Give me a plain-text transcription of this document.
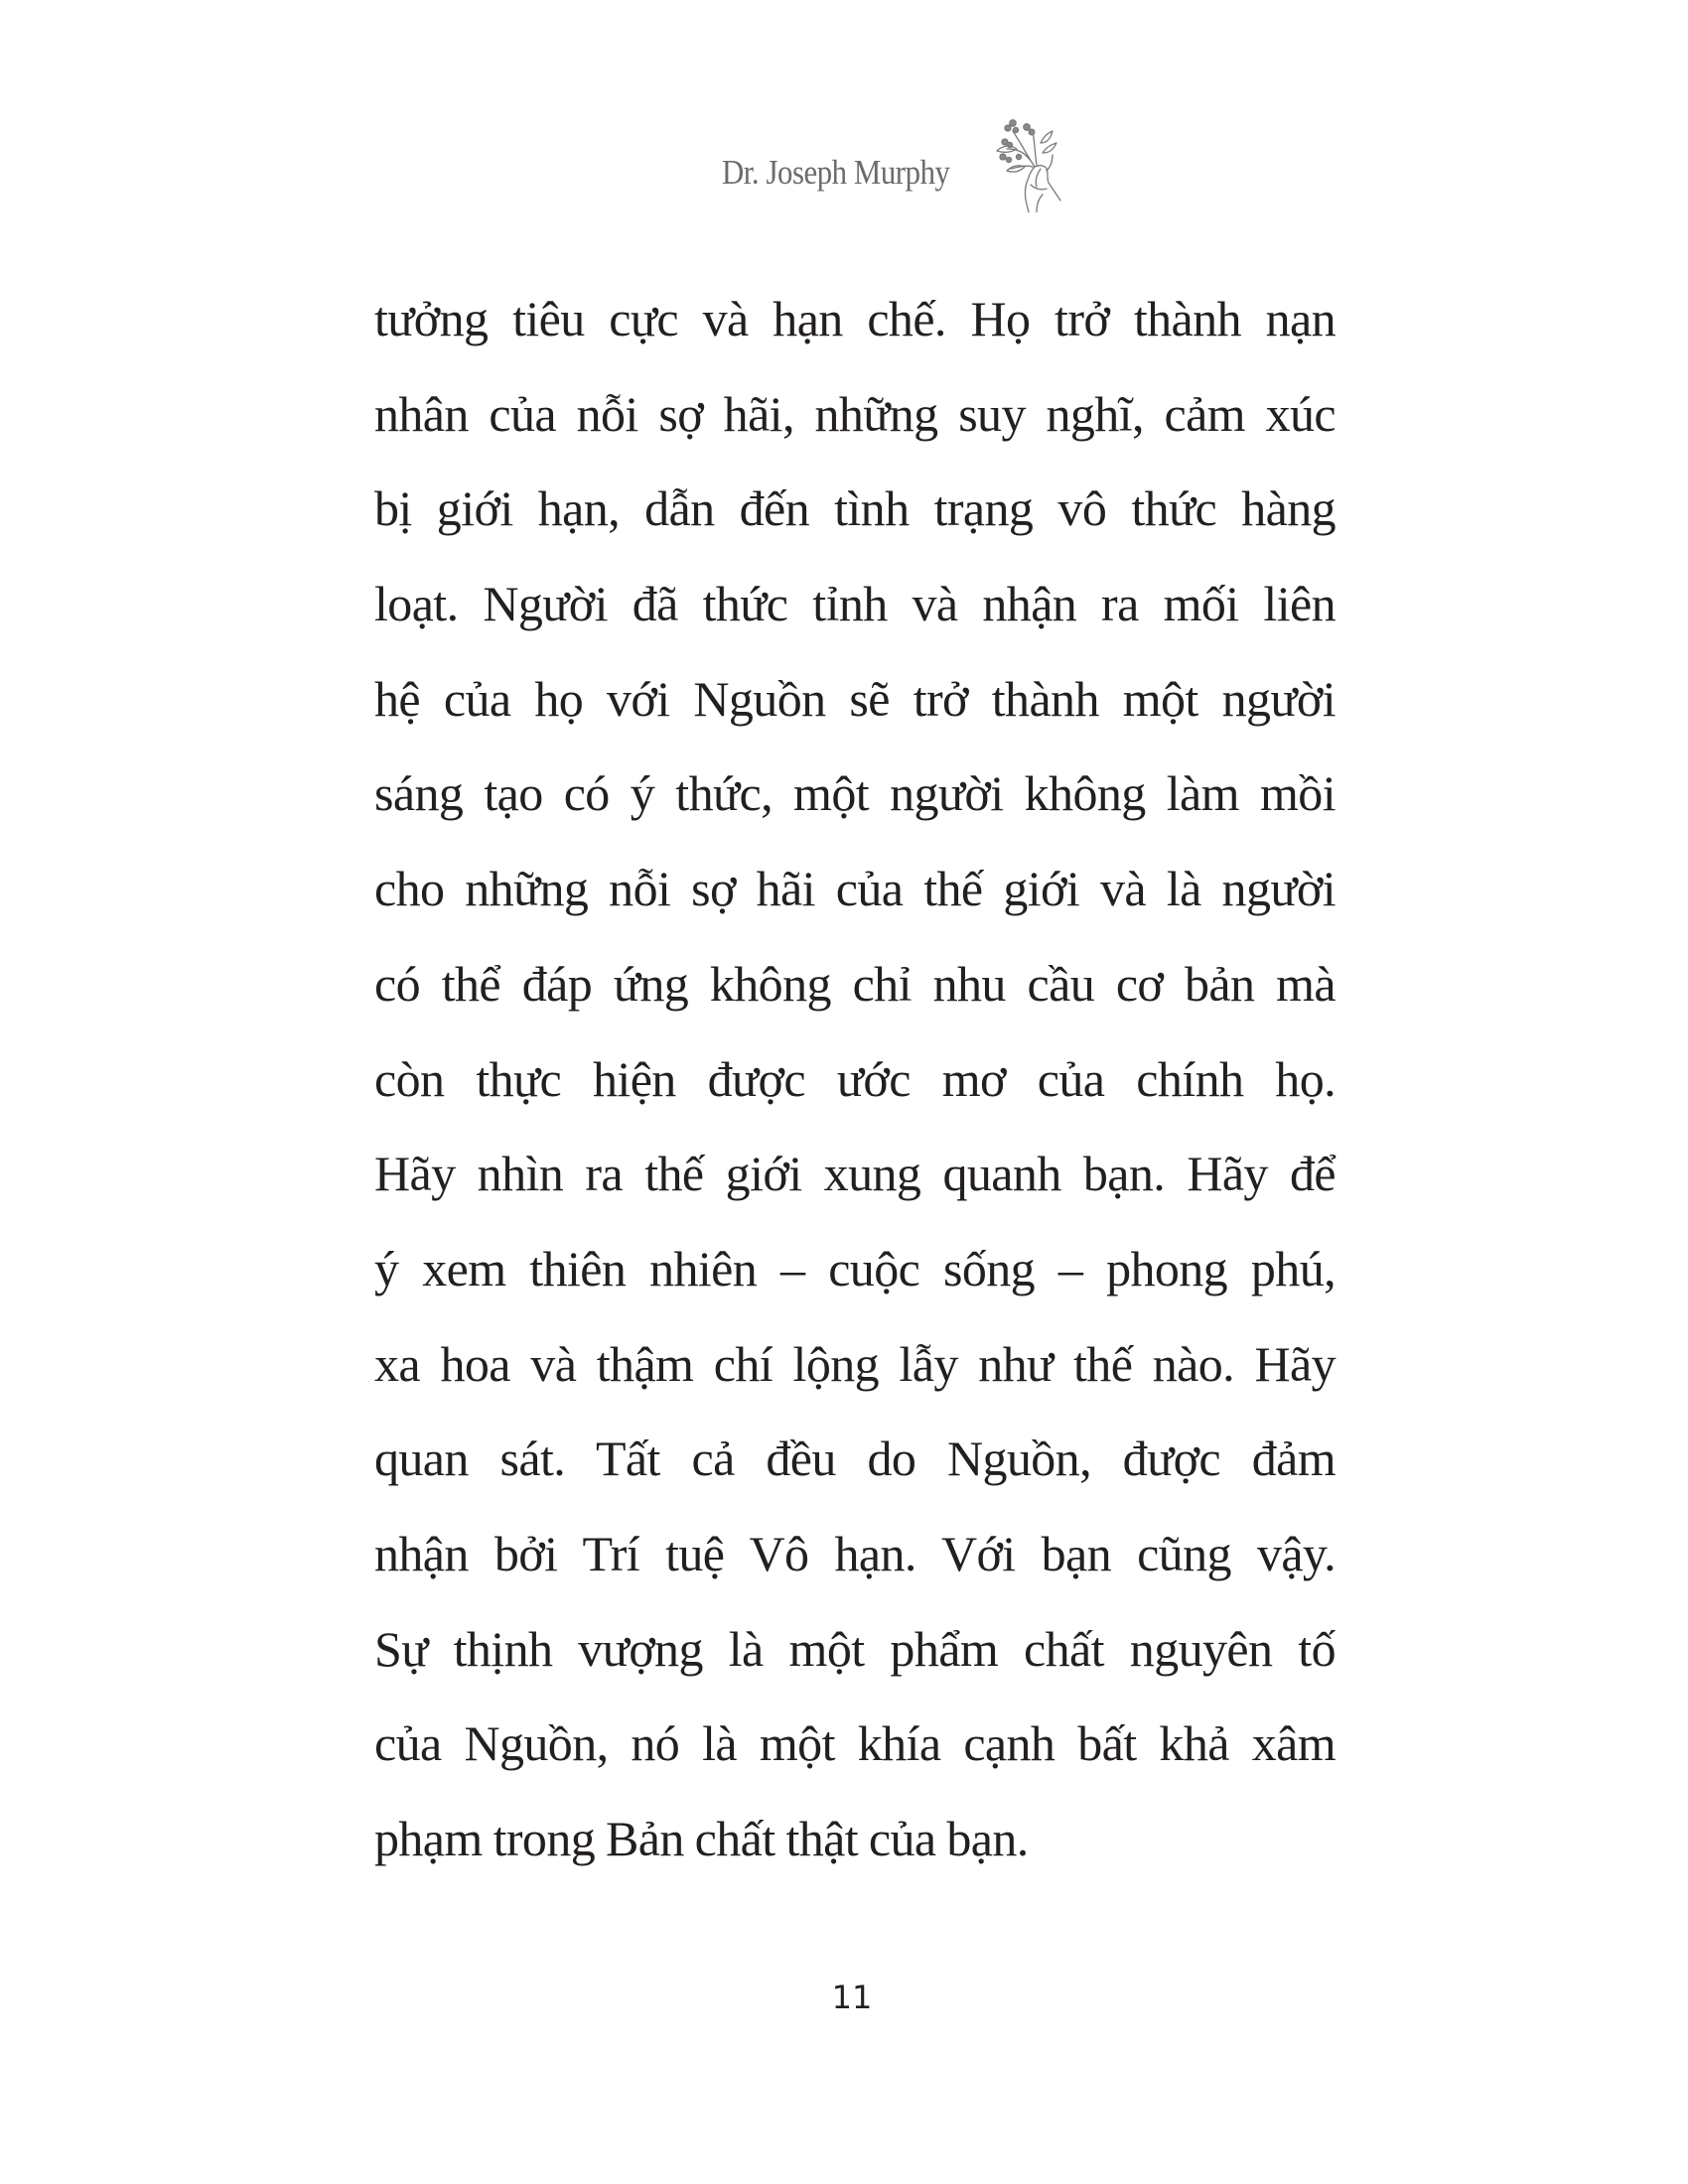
Dr. Joseph Murphy
tưởng tiêu cực và hạn chế. Họ trở thành nạn
nhân của nỗi sợ hãi, những suy nghĩ, cảm xúc
bị giới hạn, dẫn đến tình trạng vô thức hàng
loạt. Người đã thức tỉnh và nhận ra mối liên
hệ của họ với Nguồn sẽ trở thành một người
sáng tạo có ý thức, một người không làm mồi
cho những nỗi sợ hãi của thế giới và là người
có thể đáp ứng không chỉ nhu cầu cơ bản mà
còn thực hiện được ước mơ của chính họ.
Hãy nhìn ra thế giới xung quanh bạn. Hãy để
ý xem thiên nhiên – cuộc sống – phong phú,
xa hoa và thậm chí lộng lẫy như thế nào. Hãy
quan sát. Tất cả đều do Nguồn, được đảm
nhận bởi Trí tuệ Vô hạn. Với bạn cũng vậy.
Sự thịnh vượng là một phẩm chất nguyên tố
của Nguồn, nó là một khía cạnh bất khả xâm
phạm trong Bản chất thật của bạn.
11
